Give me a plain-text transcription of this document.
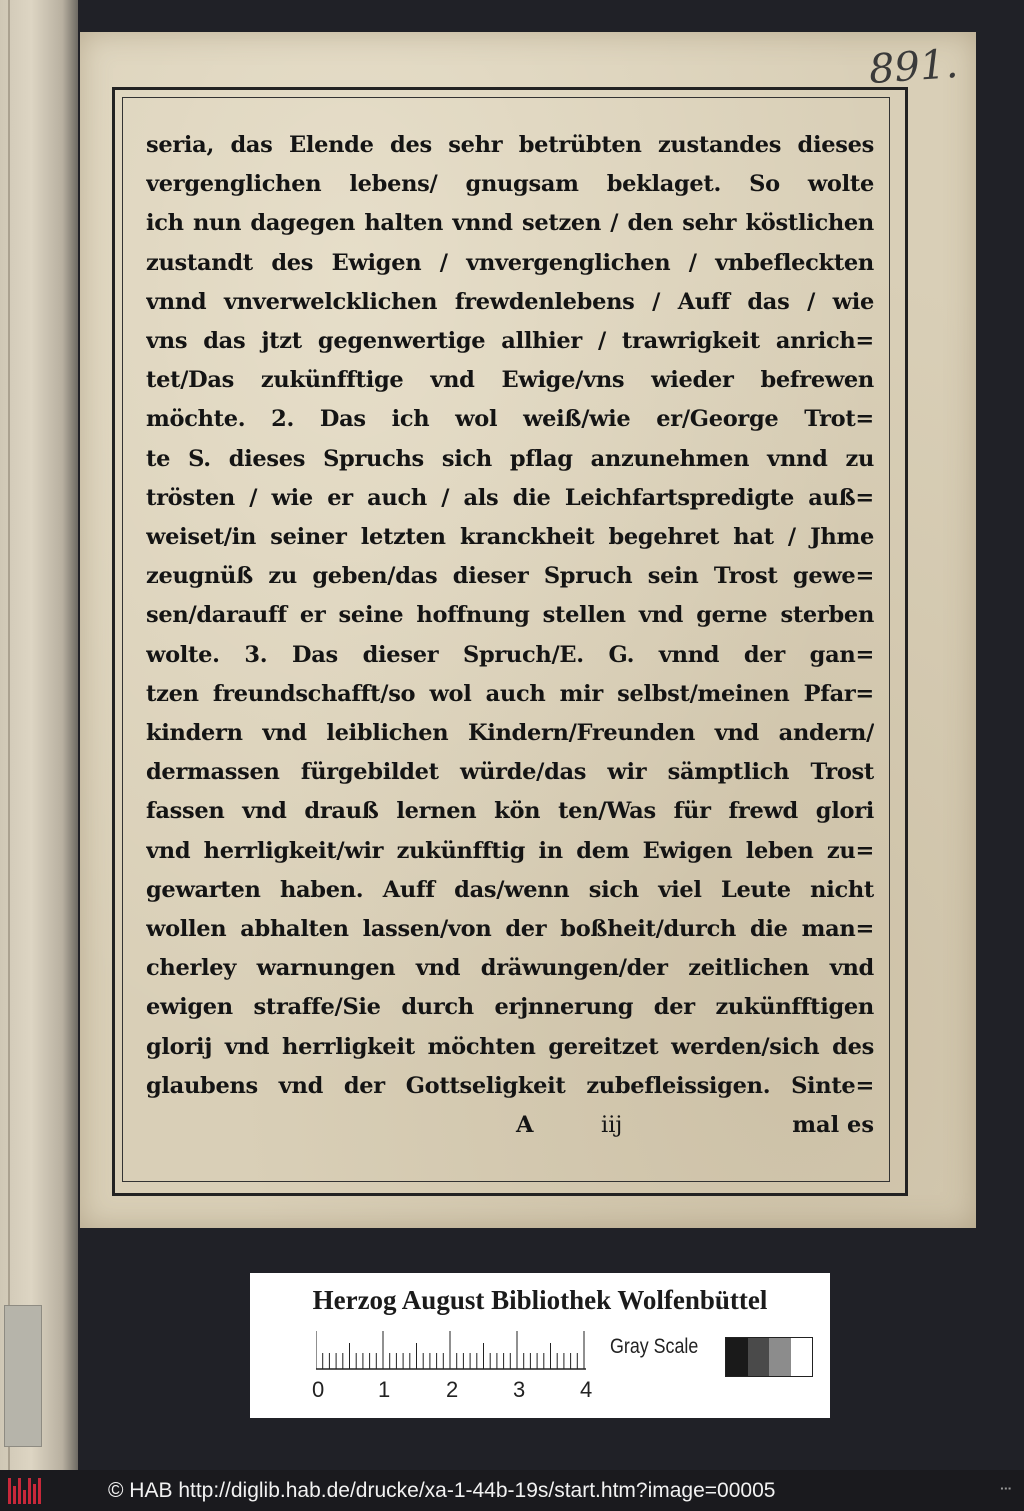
891.
seria, das Elende des sehr betrübten zustandes dieses
vergenglichen lebens/ gnugsam beklaget. So wolte
ich nun dagegen halten vnnd setzen / den sehr köstlichen
zustandt des Ewigen / vnvergenglichen / vnbefleckten
vnnd vnverwelcklichen frewdenlebens / Auff das / wie
vns das jtzt gegenwertige allhier / trawrigkeit anrich=
tet/Das zukünfftige vnd Ewige/vns wieder befrewen
möchte. 2. Das ich wol weiß/wie er/George Trot=
te S. dieses Spruchs sich pflag anzunehmen vnnd zu
trösten / wie er auch / als die Leichfartspredigte auß=
weiset/in seiner letzten kranckheit begehret hat / Jhme
zeugnüß zu geben/das dieser Spruch sein Trost gewe=
sen/darauff er seine hoffnung stellen vnd gerne sterben
wolte. 3. Das dieser Spruch/E. G. vnnd der gan=
tzen freundschafft/so wol auch mir selbst/meinen Pfar=
kindern vnd leiblichen Kindern/Freunden vnd andern/
dermassen fürgebildet würde/das wir sämptlich Trost
fassen vnd drauß lernen kön ten/Was für frewd glori
vnd herrligkeit/wir zukünfftig in dem Ewigen leben zu=
gewarten haben. Auff das/wenn sich viel Leute nicht
wollen abhalten lassen/von der boßheit/durch die man=
cherley warnungen vnd dräwungen/der zeitlichen vnd
ewigen straffe/Sie durch erjnnerung der zukünfftigen
glorij vnd herrligkeit möchten gereitzet werden/sich des
glaubens vnd der Gottseligkeit zubefleissigen. Sinte=
A	iij	mal es
Herzog August Bibliothek Wolfenbüttel
Gray Scale
0 1	2 3 4
© HAB http://diglib.hab.de/drucke/xa-1-44b-19s/start.htm?image=00005	▪▪▪
